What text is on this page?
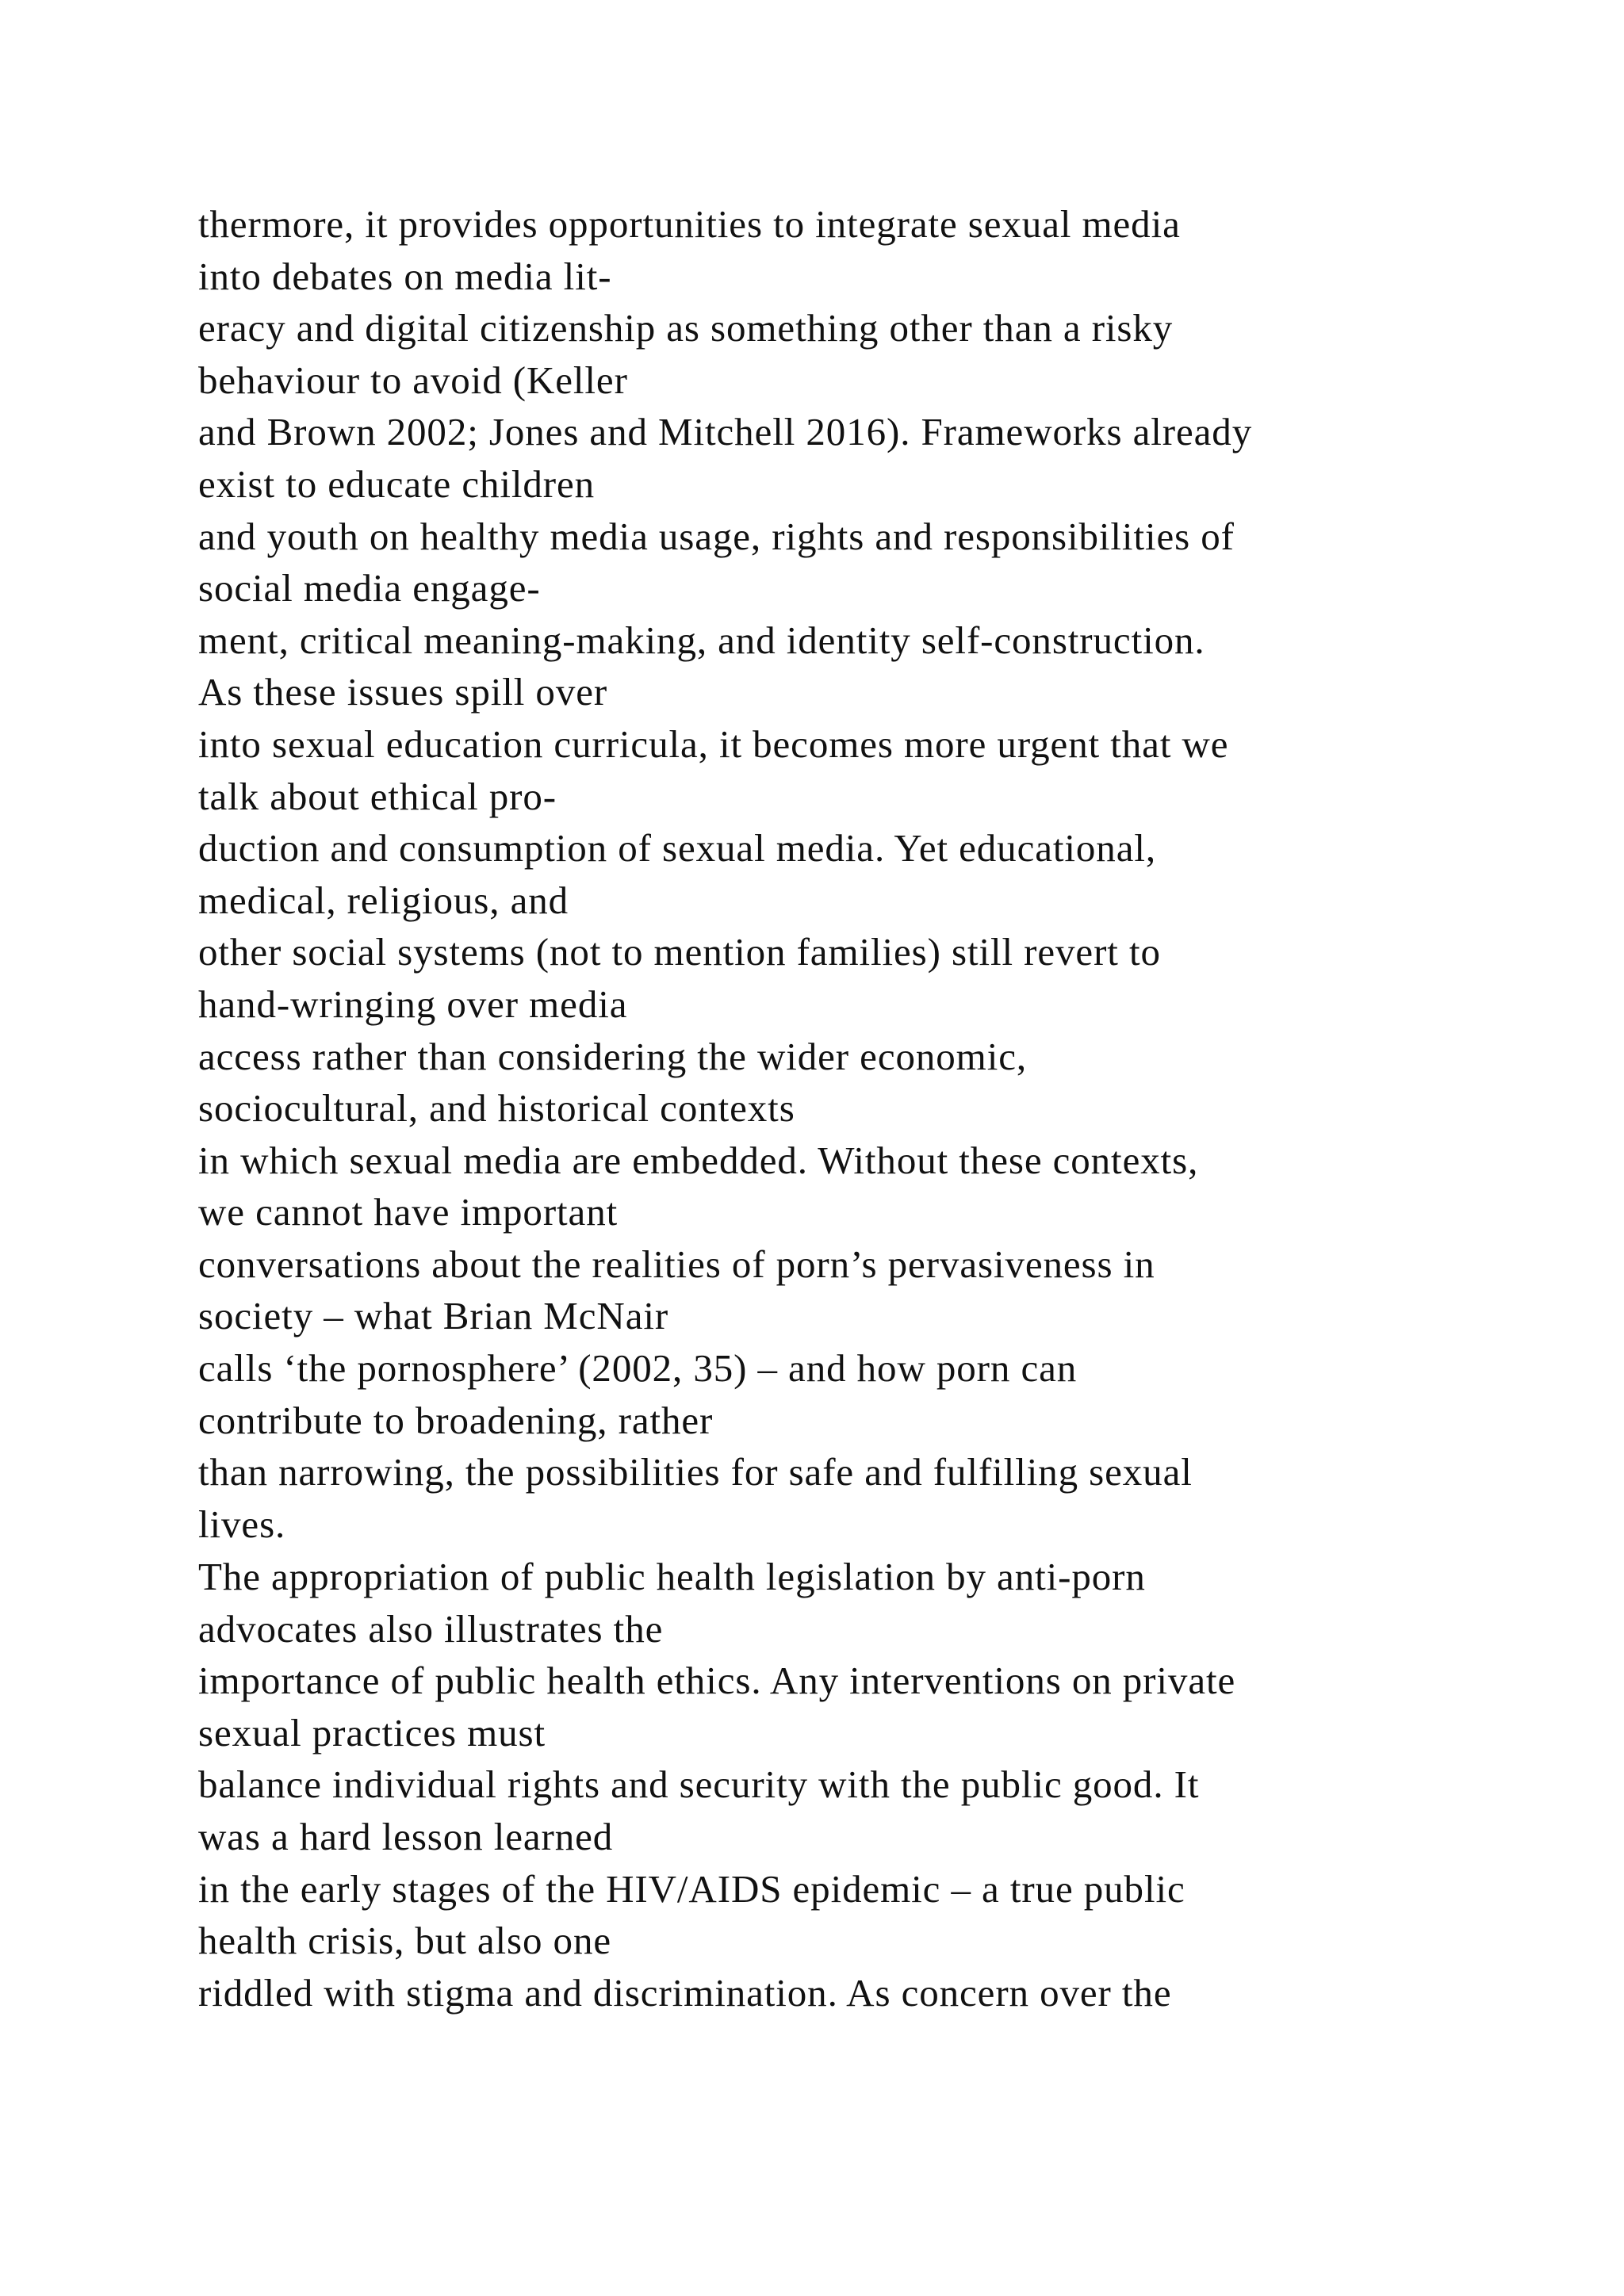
thermore, it provides opportunities to integrate sexual media
into debates on media lit-
eracy and digital citizenship as something other than a risky
behaviour to avoid (Keller
and Brown 2002; Jones and Mitchell 2016). Frameworks already
exist to educate children
and youth on healthy media usage, rights and responsibilities of
social media engage-
ment, critical meaning-making, and identity self-construction.
As these issues spill over
into sexual education curricula, it becomes more urgent that we
talk about ethical pro-
duction and consumption of sexual media. Yet educational,
medical, religious, and
other social systems (not to mention families) still revert to
hand-wringing over media
access rather than considering the wider economic,
sociocultural, and historical contexts
in which sexual media are embedded. Without these contexts,
we cannot have important
conversations about the realities of porn’s pervasiveness in
society – what Brian McNair
calls ‘the pornosphere’ (2002, 35) – and how porn can
contribute to broadening, rather
than narrowing, the possibilities for safe and fulfilling sexual
lives.
The appropriation of public health legislation by anti-porn
advocates also illustrates the
importance of public health ethics. Any interventions on private
sexual practices must
balance individual rights and security with the public good. It
was a hard lesson learned
in the early stages of the HIV/AIDS epidemic – a true public
health crisis, but also one
riddled with stigma and discrimination. As concern over the
